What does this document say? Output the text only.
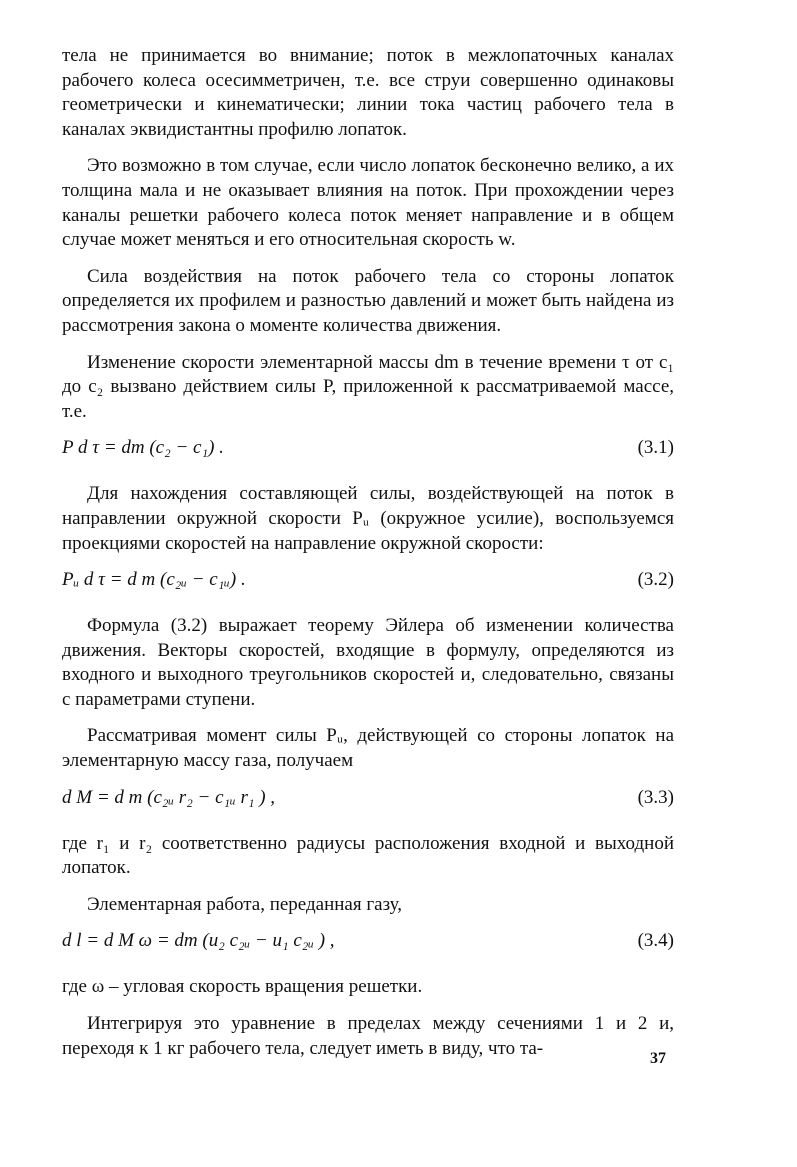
тела не принимается во внимание; поток в межлопаточных каналах рабочего колеса осесимметричен, т.е. все струи совершенно одинаковы геометрически и кинематически; линии тока частиц рабочего тела в каналах эквидистантны профилю лопаток.

Это возможно в том случае, если число лопаток бесконечно велико, а их толщина мала и не оказывает влияния на поток. При прохождении через каналы решетки рабочего колеса поток меняет направление и в общем случае может меняться и его относительная скорость w.

Сила воздействия на поток рабочего тела со стороны лопаток определяется их профилем и разностью давлений и может быть найдена из рассмотрения закона о моменте количества движения.

Изменение скорости элементарной массы dm в течение времени τ от c₁ до c₂ вызвано действием силы P, приложенной к рассматриваемой массе, т.е.

P d τ = dm (c₂ − c₁) .	(3.1)

Для нахождения составляющей силы, воздействующей на поток в направлении окружной скорости Pᵤ (окружное усилие), воспользуемся проекциями скоростей на направление окружной скорости:

Pᵤ d τ = d m (c₂ᵤ − c₁ᵤ) .	(3.2)

Формула (3.2) выражает теорему Эйлера об изменении количества движения. Векторы скоростей, входящие в формулу, определяются из входного и выходного треугольников скоростей и, следовательно, связаны с параметрами ступени.

Рассматривая момент силы Pᵤ, действующей со стороны лопаток на элементарную массу газа, получаем

d M = d m (c₂ᵤ r₂ − c₁ᵤ r₁ ) ,	(3.3)

где r₁ и r₂ соответственно радиусы расположения входной и выходной лопаток.

Элементарная работа, переданная газу,

d l = d M ω = dm (u₂ c₂ᵤ − u₁ c₂ᵤ ) ,	(3.4)

где ω – угловая скорость вращения решетки.

Интегрируя это уравнение в пределах между сечениями 1 и 2 и, переходя к 1 кг рабочего тела, следует иметь в виду, что та-	37
